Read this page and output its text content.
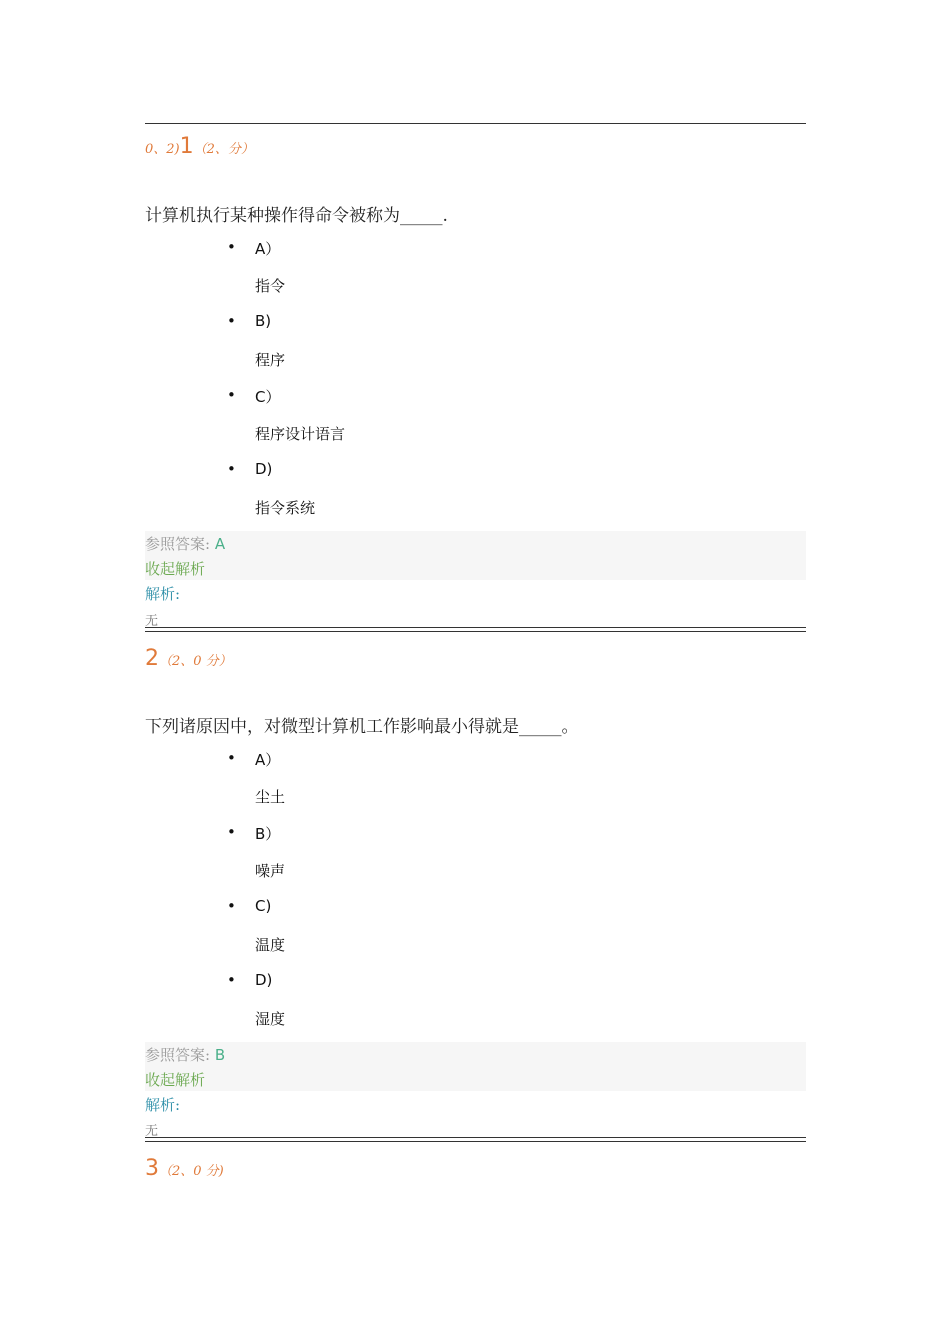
0、2)1（2、分）
计算机执行某种操作得命令被称为_____.
• A）
指令
• B)
程序
• C）
程序设计语言
• D)
指令系统
参照答案: A
收起解析
解析:
无
2（2、0 分）
下列诸原因中，对微型计算机工作影响最小得就是_____。
• A）
尘土
• B）
噪声
• C)
温度
• D)
湿度
参照答案: B
收起解析
解析:
无
3（2、0 分)
